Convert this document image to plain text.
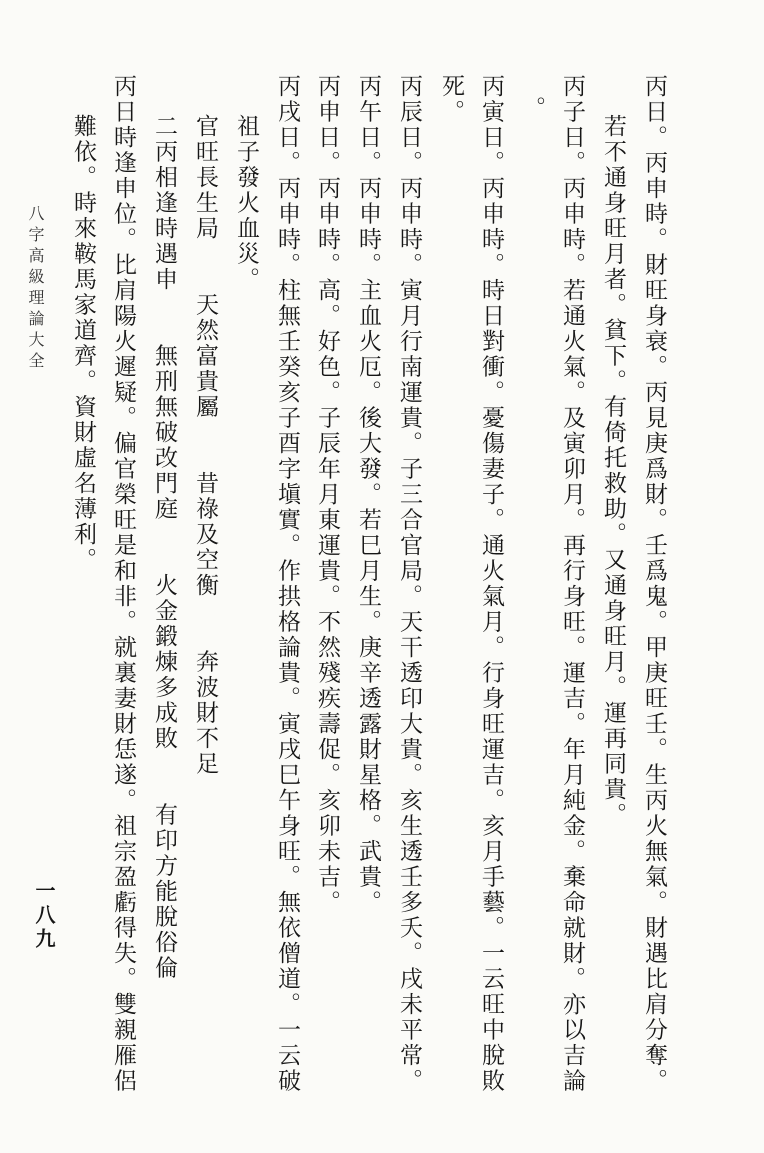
八字高級理論大全
一八九	丙日。丙申時。財旺身衰。丙見庚爲財。壬爲鬼。甲庚旺壬。生丙火無氣。財遇比肩分奪。
若不通身旺月者。貧下。有倚托救助。又通身旺月。運再同貴。
丙子日。丙申時。若通火氣。及寅卯月。再行身旺。運吉。年月純金。棄命就財。亦以吉論
。
丙寅日。丙申時。時日對衝。憂傷妻子。通火氣月。行身旺運吉。亥月手藝。一云旺中脫敗
死。
丙辰日。丙申時。寅月行南運貴。子三合官局。天干透印大貴。亥生透壬多夭。戌未平常。
丙午日。丙申時。主血火厄。後大發。若巳月生。庚辛透露財星格。武貴。
丙申日。丙申時。高。好色。子辰年月東運貴。不然殘疾壽促。亥卯未吉。
丙戌日。丙申時。柱無壬癸亥子酉字塡實。作拱格論貴。寅戌巳午身旺。無依僧道。一云破
祖子發火血災。
官旺長生局　　天然富貴屬　　昔祿及空衡　　奔波財不足
二丙相逢時遇申　　無刑無破改門庭　　火金鍛煉多成敗　　有印方能脫俗倫
丙日時逢申位。比肩陽火遲疑。偏官榮旺是和非。就裏妻財恁遂。祖宗盈虧得失。雙親雁侶
難依。時來鞍馬家道齊。資財虛名薄利。
